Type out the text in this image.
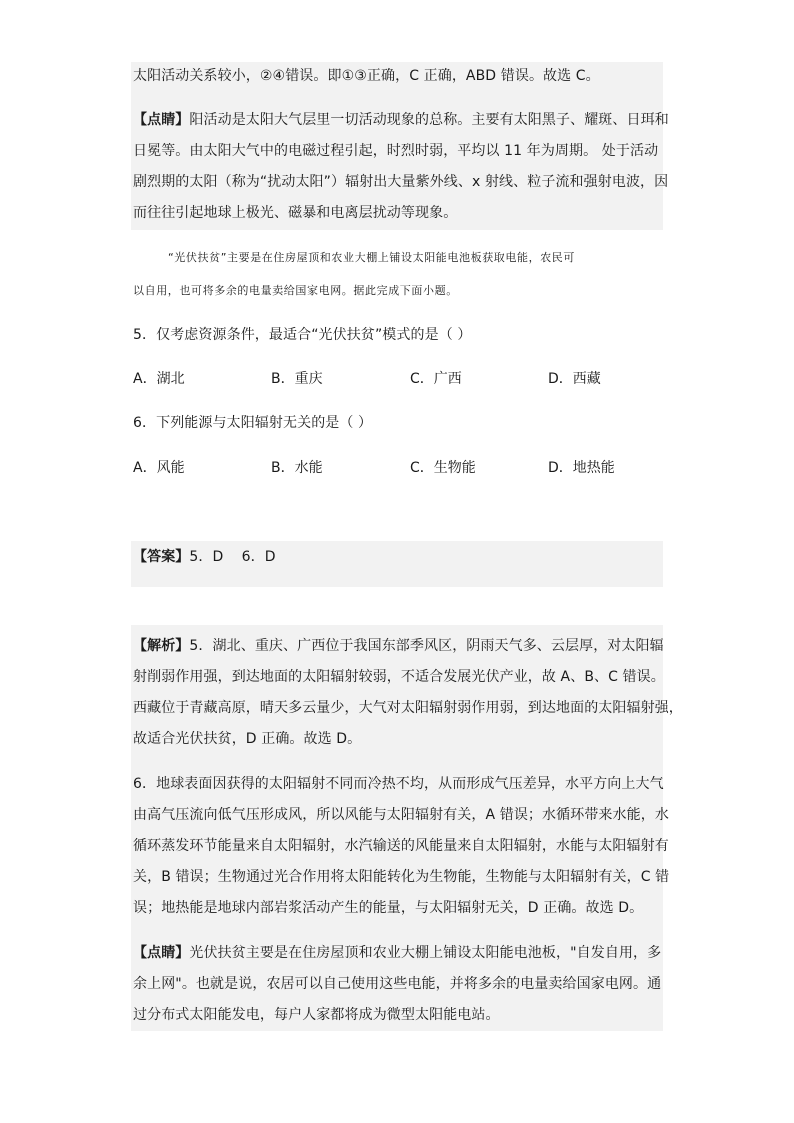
太阳活动关系较小，②④错误。即①③正确，C 正确，ABD 错误。故选 C。
【点睛】阳活动是太阳大气层里一切活动现象的总称。主要有太阳黑子、耀斑、日珥和
日冕等。由太阳大气中的电磁过程引起，时烈时弱，平均以 11 年为周期。 处于活动
剧烈期的太阳（称为“扰动太阳”）辐射出大量紫外线、x 射线、粒子流和强射电波，因
而往往引起地球上极光、磁暴和电离层扰动等现象。
“光伏扶贫”主要是在住房屋顶和农业大棚上铺设太阳能电池板获取电能，农民可
以自用，也可将多余的电量卖给国家电网。据此完成下面小题。
5．仅考虑资源条件，最适合“光伏扶贫”模式的是（ ）
A．湖北	B．重庆	C．广西	D．西藏
6．下列能源与太阳辐射无关的是（ ）
A．风能	B．水能	C．生物能	D．地热能
【答案】5．D    6．D
【解析】5．湖北、重庆、广西位于我国东部季风区，阴雨天气多、云层厚，对太阳辐
射削弱作用强，到达地面的太阳辐射较弱，不适合发展光伏产业，故 A、B、C 错误。
西藏位于青藏高原，晴天多云量少，大气对太阳辐射弱作用弱，到达地面的太阳辐射强，
故适合光伏扶贫，D 正确。故选 D。
6．地球表面因获得的太阳辐射不同而冷热不均，从而形成气压差异，水平方向上大气
由高气压流向低气压形成风，所以风能与太阳辐射有关，A 错误；水循环带来水能，水
循环蒸发环节能量来自太阳辐射，水汽输送的风能量来自太阳辐射，水能与太阳辐射有
关，B 错误；生物通过光合作用将太阳能转化为生物能，生物能与太阳辐射有关，C 错
误；地热能是地球内部岩浆活动产生的能量，与太阳辐射无关，D 正确。故选 D。
【点睛】光伏扶贫主要是在住房屋顶和农业大棚上铺设太阳能电池板，"自发自用，多
余上网"。也就是说，农居可以自己使用这些电能，并将多余的电量卖给国家电网。通
过分布式太阳能发电，每户人家都将成为微型太阳能电站。
